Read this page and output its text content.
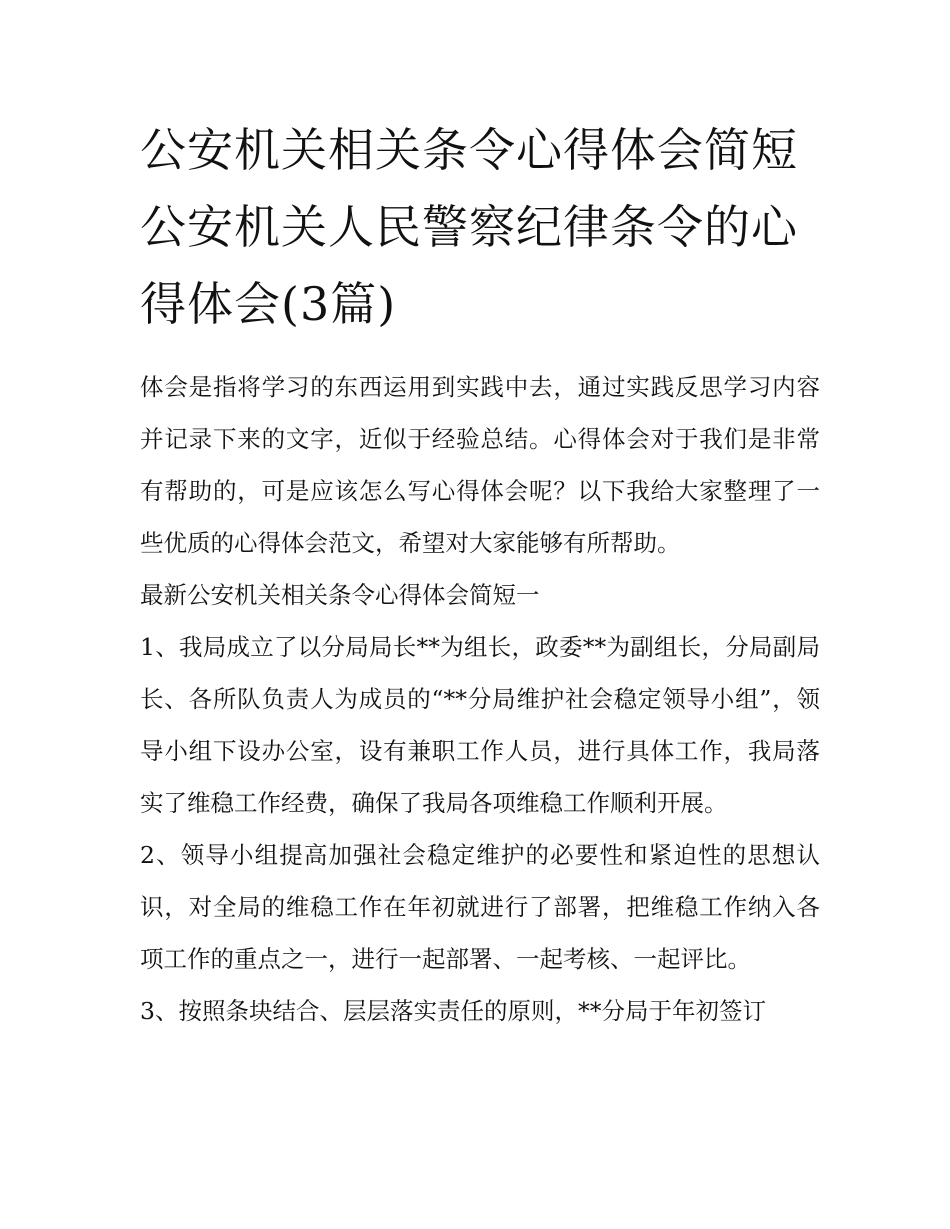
公安机关相关条令心得体会简短 公安机关人民警察纪律条令的心得体会(3篇)

体会是指将学习的东西运用到实践中去，通过实践反思学习内容并记录下来的文字，近似于经验总结。心得体会对于我们是非常有帮助的，可是应该怎么写心得体会呢？以下我给大家整理了一些优质的心得体会范文，希望对大家能够有所帮助。

最新公安机关相关条令心得体会简短一

1、我局成立了以分局局长**为组长，政委**为副组长，分局副局长、各所队负责人为成员的“**分局维护社会稳定领导小组”，领导小组下设办公室，设有兼职工作人员，进行具体工作，我局落实了维稳工作经费，确保了我局各项维稳工作顺利开展。

2、领导小组提高加强社会稳定维护的必要性和紧迫性的思想认识，对全局的维稳工作在年初就进行了部署，把维稳工作纳入各项工作的重点之一，进行一起部署、一起考核、一起评比。

3、按照条块结合、层层落实责任的原则，**分局于年初签订
